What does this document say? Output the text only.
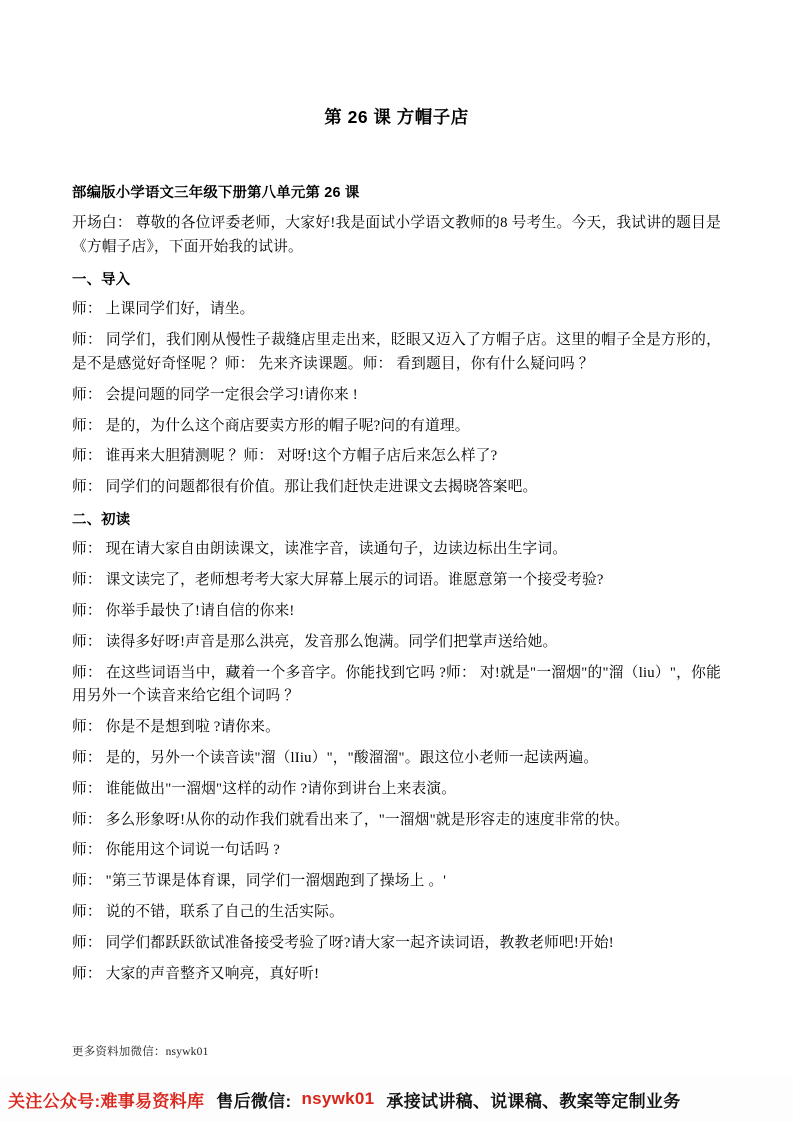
第 26 课 方帽子店

部编版小学语文三年级下册第八单元第 26 课

开场白： 尊敬的各位评委老师，大家好!我是面试小学语文教师的8 号考生。今天，我试讲的题目是《方帽子店》，下面开始我的试讲。

一、导入

师： 上课同学们好，请坐。

师： 同学们，我们刚从慢性子裁缝店里走出来，眨眼又迈入了方帽子店。这里的帽子全是方形的，是不是感觉好奇怪呢 ？师： 先来齐读课题。师： 看到题目，你有什么疑问吗 ？

师： 会提问题的同学一定很会学习!请你来 !

师： 是的，为什么这个商店要卖方形的帽子呢?问的有道理。

师： 谁再来大胆猜测呢 ？师： 对呀!这个方帽子店后来怎么样了?

师： 同学们的问题都很有价值。那让我们赶快走进课文去揭晓答案吧。

二、初读

师： 现在请大家自由朗读课文，读准字音，读通句子，边读边标出生字词。

师： 课文读完了，老师想考考大家大屏幕上展示的词语。谁愿意第一个接受考验?

师： 你举手最快了!请自信的你来!

师： 读得多好呀!声音是那么洪亮，发音那么饱满。同学们把掌声送给她。

师： 在这些词语当中，藏着一个多音字。你能找到它吗 ?师： 对!就是"一溜烟"的"溜（liu）"，你能用另外一个读音来给它组个词吗 ？

师： 你是不是想到啦 ?请你来。

师： 是的，另外一个读音读"溜（lIiu）"，"酸溜溜"。跟这位小老师一起读两遍。

师： 谁能做出"一溜烟"这样的动作 ?请你到讲台上来表演。

师： 多么形象呀!从你的动作我们就看出来了，"一溜烟"就是形容走的速度非常的快。

师： 你能用这个词说一句话吗 ?

师： "第三节课是体育课，同学们一溜烟跑到了操场上 。'

师： 说的不错，联系了自己的生活实际。

师： 同学们都跃跃欲试准备接受考验了呀?请大家一起齐读词语，教教老师吧!开始!

师： 大家的声音整齐又响亮，真好听!

更多资料加微信：nsywk01
关注公众号:难事易资料库 售后微信: nsywk01 承接试讲稿、说课稿、教案等定制业务
